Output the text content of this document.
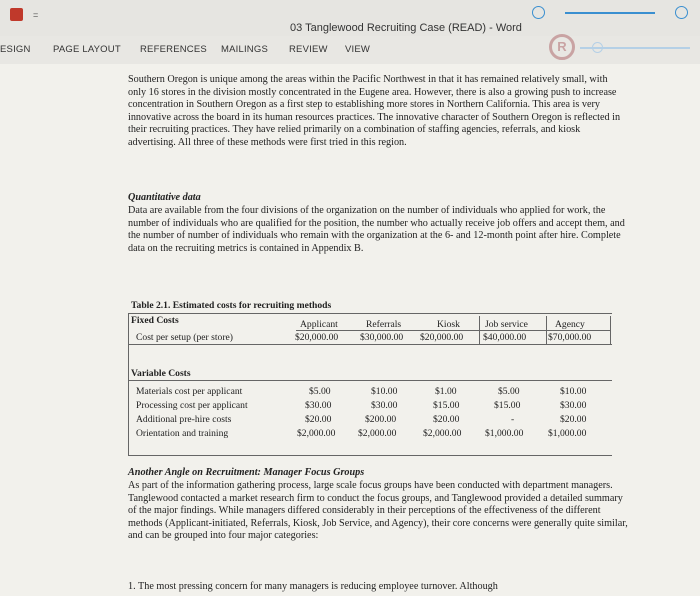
=
03 Tanglewood Recruiting Case (READ) - Word
ESIGN PAGE LAYOUT REFERENCES MAILINGS REVIEW VIEW	R

Southern Oregon is unique among the areas within the Pacific Northwest in that it has remained relatively small, with only 16 stores in the division mostly concentrated in the Eugene area. However, there is also a growing push to increase concentration in Southern Oregon as a first step to establishing more stores in Northern California. This area is very innovative across the board in its human resources practices. The innovative character of Southern Oregon is reflected in their recruiting practices. They have relied primarily on a combination of staffing agencies, referrals, and kiosk advertising. All three of these methods were first tried in this region.

Quantitative data

Data are available from the four divisions of the organization on the number of individuals who applied for work, the number of individuals who are qualified for the position, the number who actually receive job offers and accept them, and the number of number of individuals who remain with the organization at the 6- and 12-month point after hire. Complete data on the recruiting metrics is contained in Appendix B.

Table 2.1. Estimated costs for recruiting methods
Fixed Costs	Applicant	Referrals	Kiosk	Job service	Agency
Cost per setup (per store)	$20,000.00 $30,000.00 $20,000.00 $40,000.00 $70,000.00
Variable Costs
Materials cost per applicant	$5.00	$10.00	$1.00	$5.00	$10.00
Processing cost per applicant	$30.00	$30.00	$15.00	$15.00	$30.00
Additional pre-hire costs	$20.00	$200.00	$20.00	-	$20.00
Orientation and training	$2,000.00 $2,000.00	$2,000.00 $1,000.00	$1,000.00
Another Angle on Recruitment: Manager Focus Groups

As part of the information gathering process, large scale focus groups have been conducted with department managers. Tanglewood contacted a market research firm to conduct the focus groups, and Tanglewood provided a detailed summary of the major findings. While managers differed considerably in their perceptions of the effectiveness of the different methods (Applicant-initiated, Referrals, Kiosk, Job Service, and Agency), their core concerns were generally quite similar, and can be grouped into four major categories:

1. The most pressing concern for many managers is reducing employee turnover. Although
